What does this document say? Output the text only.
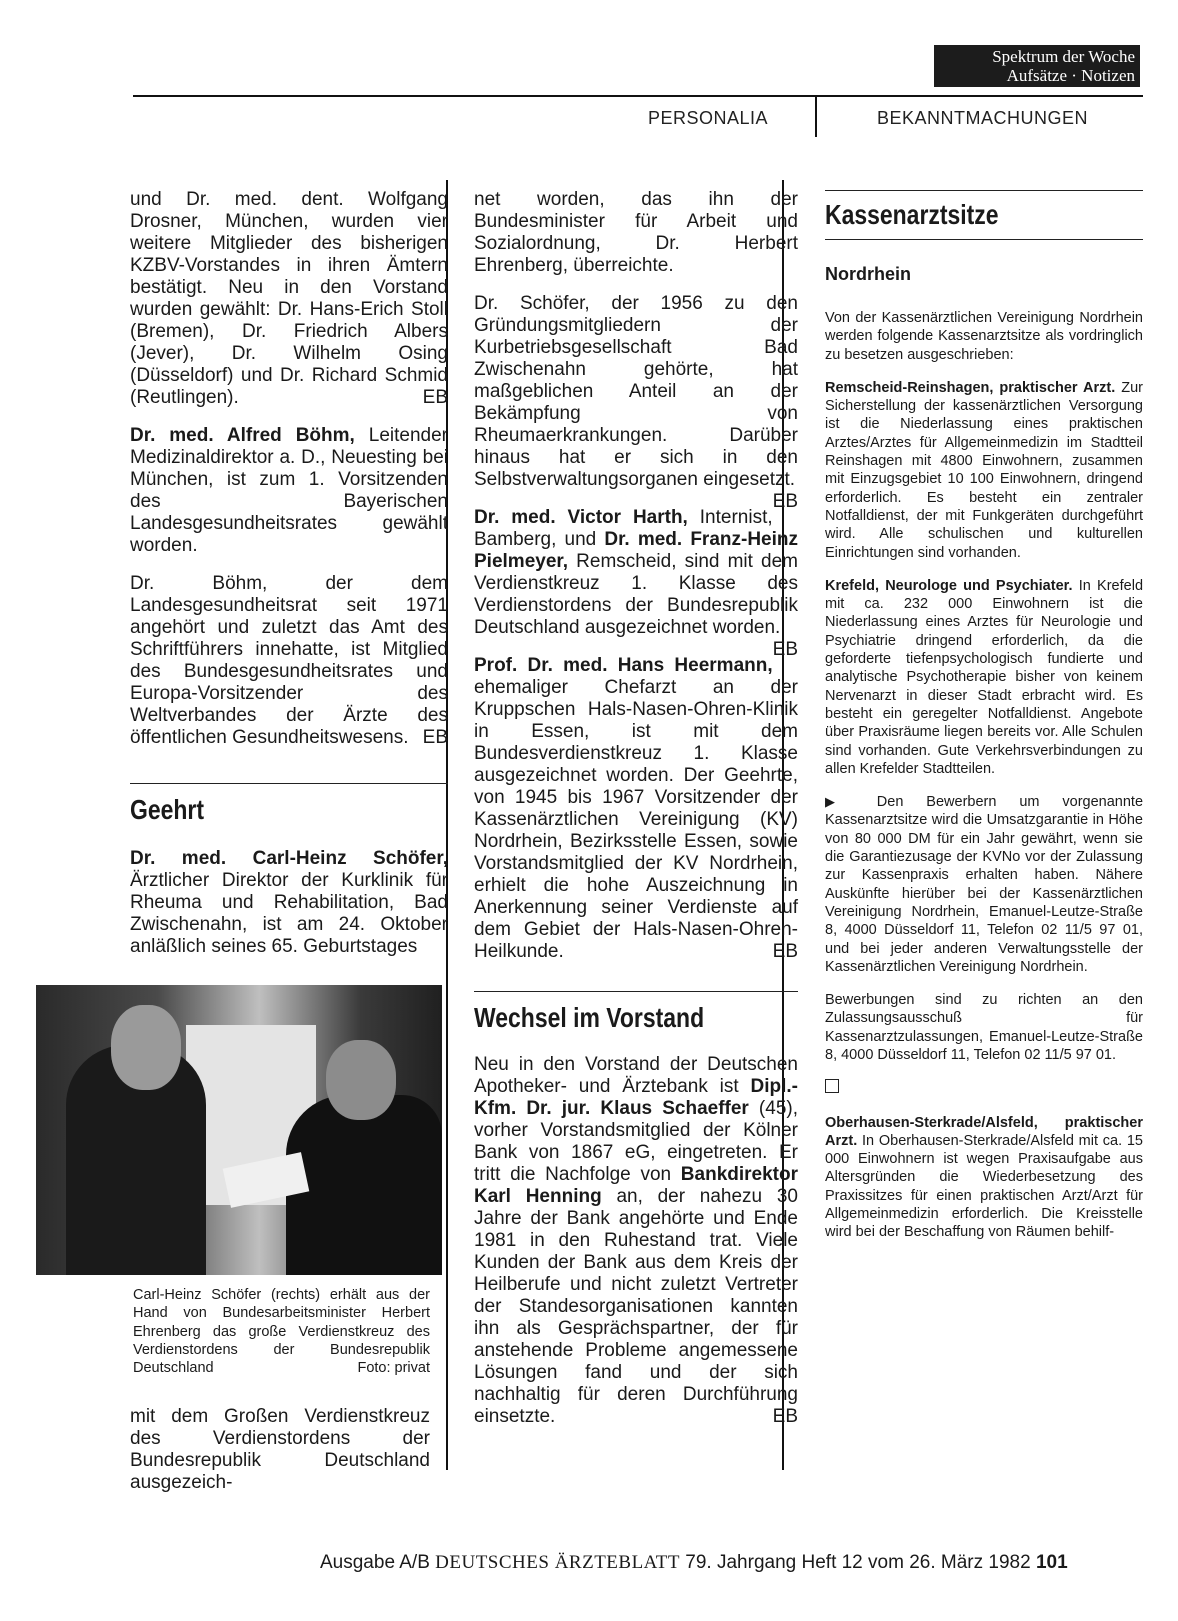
Spektrum der Woche
Aufsätze · Notizen
PERSONALIA	BEKANNTMACHUNGEN

und Dr. med. dent. Wolfgang Drosner, München, wurden vier weitere Mitglieder des bisherigen KZBV-Vorstandes in ihren Ämtern bestätigt. Neu in den Vorstand wurden gewählt: Dr. Hans-Erich Stoll (Bremen), Dr. Friedrich Albers (Jever), Dr. Wilhelm Osing (Düsseldorf) und Dr. Richard Schmid (Reutlingen).	EB

Dr. med. Alfred Böhm, Leitender Medizinaldirektor a. D., Neuesting bei München, ist zum 1. Vorsitzenden des Bayerischen Landesgesundheitsrates gewählt worden.

Dr. Böhm, der dem Landesgesundheitsrat seit 1971 angehört und zuletzt das Amt des Schriftführers innehatte, ist Mitglied des Bundesgesundheitsrates und Europa-Vorsitzender des Weltverbandes der Ärzte des öffentlichen Gesundheitswesens. EB

Geehrt

Dr. med. Carl-Heinz Schöfer, Ärztlicher Direktor der Kurklinik für Rheuma und Rehabilitation, Bad Zwischenahn, ist am 24. Oktober anläßlich seines 65. Geburtstages

Carl-Heinz Schöfer (rechts) erhält aus der Hand von Bundesarbeitsminister Herbert Ehrenberg das große Verdienstkreuz des Verdienstordens der Bundesrepublik Deutschland	Foto: privat

mit dem Großen Verdienstkreuz des Verdienstordens der Bundesrepublik Deutschland ausgezeich-

net worden, das ihn der Bundesminister für Arbeit und Sozialordnung, Dr. Herbert Ehrenberg, überreichte.

Dr. Schöfer, der 1956 zu den Gründungsmitgliedern der Kurbetriebsgesellschaft Bad Zwischenahn gehörte, hat maßgeblichen Anteil an der Bekämpfung von Rheumaerkrankungen. Darüber hinaus hat er sich in den Selbstverwaltungsorganen eingesetzt.
EB

Dr. med. Victor Harth, Internist, Bamberg, und Dr. med. Franz-Heinz Pielmeyer, Remscheid, sind mit dem Verdienstkreuz 1. Klasse des Verdienstordens der Bundesrepublik Deutschland ausgezeichnet worden.
EB

Prof. Dr. med. Hans Heermann, ehemaliger Chefarzt an der Kruppschen Hals-Nasen-Ohren-Klinik in Essen, ist mit dem Bundesverdienstkreuz 1. Klasse ausgezeichnet worden. Der Geehrte, von 1945 bis 1967 Vorsitzender der Kassenärztlichen Vereinigung (KV) Nordrhein, Bezirksstelle Essen, sowie Vorstandsmitglied der KV Nordrhein, erhielt die hohe Auszeichnung in Anerkennung seiner Verdienste auf dem Gebiet der Hals-Nasen-Ohren-Heilkunde.	EB

Wechsel im Vorstand

Neu in den Vorstand der Deutschen Apotheker- und Ärztebank ist Dipl.-Kfm. Dr. jur. Klaus Schaeffer (45), vorher Vorstandsmitglied der Kölner Bank von 1867 eG, eingetreten. Er tritt die Nachfolge von Bankdirektor Karl Henning an, der nahezu 30 Jahre der Bank angehörte und Ende 1981 in den Ruhestand trat. Viele Kunden der Bank aus dem Kreis der Heilberufe und nicht zuletzt Vertreter der Standesorganisationen kannten ihn als Gesprächspartner, der für anstehende Probleme angemessene Lösungen fand und der sich nachhaltig für deren Durchführung einsetzte.	EB

Kassenarztsitze
Nordrhein

Von der Kassenärztlichen Vereinigung Nordrhein werden folgende Kassenarztsitze als vordringlich zu besetzen ausgeschrieben:

Remscheid-Reinshagen, praktischer Arzt. Zur Sicherstellung der kassenärztlichen Versorgung ist die Niederlassung eines praktischen Arztes/Arztes für Allgemeinmedizin im Stadtteil Reinshagen mit 4800 Einwohnern, zusammen mit Einzugsgebiet 10 100 Einwohnern, dringend erforderlich. Es besteht ein zentraler Notfalldienst, der mit Funkgeräten durchgeführt wird. Alle schulischen und kulturellen Einrichtungen sind vorhanden.

Krefeld, Neurologe und Psychiater. In Krefeld mit ca. 232 000 Einwohnern ist die Niederlassung eines Arztes für Neurologie und Psychiatrie dringend erforderlich, da die geforderte tiefenpsychologisch fundierte und analytische Psychotherapie bisher von keinem Nervenarzt in dieser Stadt erbracht wird. Es besteht ein geregelter Notfalldienst. Angebote über Praxisräume liegen bereits vor. Alle Schulen sind vorhanden. Gute Verkehrsverbindungen zu allen Krefelder Stadtteilen.

▶ Den Bewerbern um vorgenannte Kassenarztsitze wird die Umsatzgarantie in Höhe von 80 000 DM für ein Jahr gewährt, wenn sie die Garantiezusage der KVNo vor der Zulassung zur Kassenpraxis erhalten haben. Nähere Auskünfte hierüber bei der Kassenärztlichen Vereinigung Nordrhein, Emanuel-Leutze-Straße 8, 4000 Düsseldorf 11, Telefon 02 11/5 97 01, und bei jeder anderen Verwaltungsstelle der Kassenärztlichen Vereinigung Nordrhein.

Bewerbungen sind zu richten an den Zulassungsausschuß für Kassenarztzulassungen, Emanuel-Leutze-Straße 8, 4000 Düsseldorf 11, Telefon 02 11/5 97 01.

Oberhausen-Sterkrade/Alsfeld, praktischer Arzt. In Oberhausen-Sterkrade/Alsfeld mit ca. 15 000 Einwohnern ist wegen Praxisaufgabe aus Altersgründen die Wiederbesetzung des Praxissitzes für einen praktischen Arzt/Arzt für Allgemeinmedizin erforderlich. Die Kreisstelle wird bei der Beschaffung von Räumen behilf-

Ausgabe A/B DEUTSCHES ÄRZTEBLATT 79. Jahrgang Heft 12 vom 26. März 1982 101
